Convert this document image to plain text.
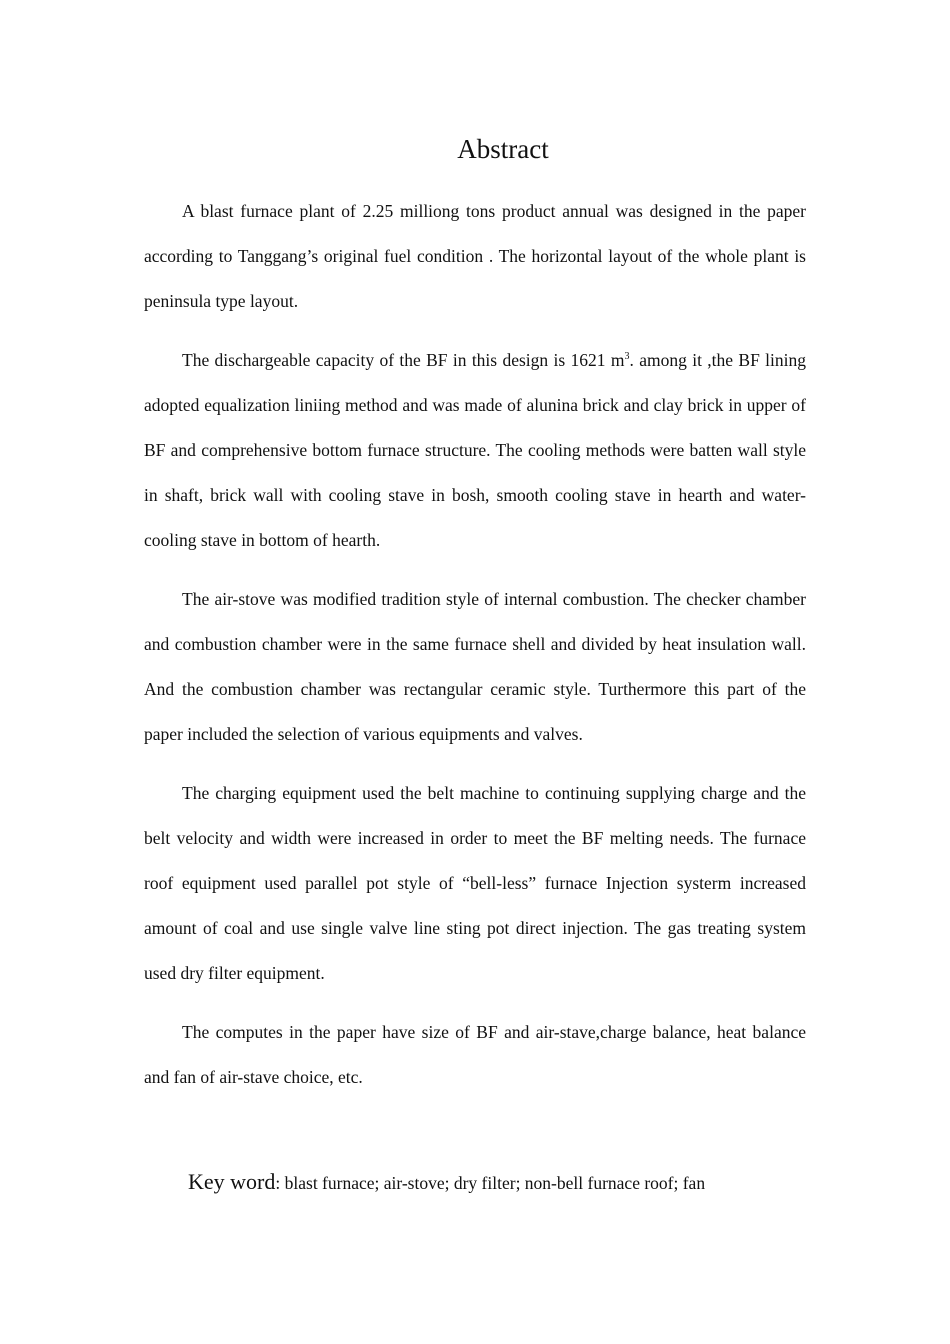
Abstract

A blast furnace plant of 2.25 milliong tons product annual was designed in the paper according to Tanggang’s original fuel condition . The horizontal layout of the whole plant is peninsula type layout.

The dischargeable capacity of the BF in this design is 1621 $m^3$. among it ,the BF lining adopted equalization liniing method and was made of alunina brick and clay brick in upper of BF and comprehensive bottom furnace structure. The cooling methods were batten wall style in shaft, brick wall with cooling stave in bosh, smooth cooling stave in hearth and water-cooling stave in bottom of hearth.

The air-stove was modified tradition style of internal combustion. The checker chamber and combustion chamber were in the same furnace shell and divided by heat insulation wall. And the combustion chamber was rectangular ceramic style. Turthermore this part of the paper included the selection of various equipments and valves.

The charging equipment used the belt machine to continuing supplying charge and the belt velocity and width were increased in order to meet the BF melting needs. The furnace roof equipment used parallel pot style of “bell-less” furnace Injection systerm increased amount of coal and use single valve line sting pot direct injection. The gas treating system used dry filter equipment.

The computes in the paper have size of BF and air-stave,charge balance, heat balance and fan of air-stave choice, etc.

Key word: blast furnace; air-stove; dry filter; non-bell furnace roof; fan
